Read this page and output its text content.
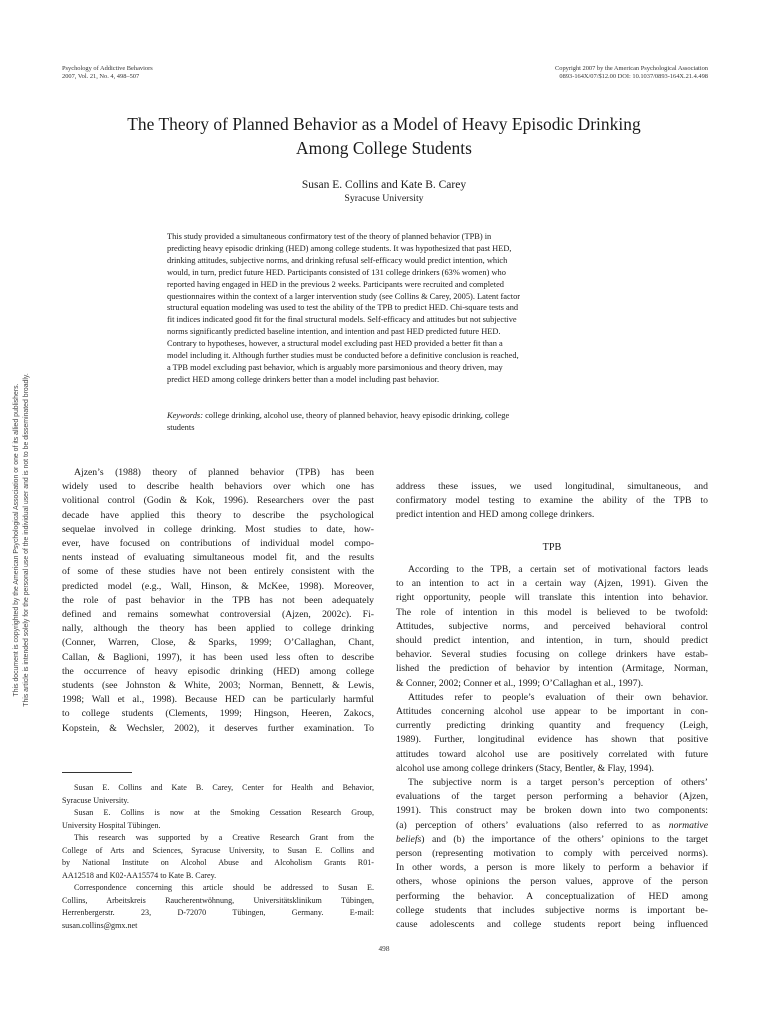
Psychology of Addictive Behaviors
2007, Vol. 21, No. 4, 498–507
Copyright 2007 by the American Psychological Association
0893-164X/07/$12.00 DOI: 10.1037/0893-164X.21.4.498
The Theory of Planned Behavior as a Model of Heavy Episodic Drinking
Among College Students
Susan E. Collins and Kate B. Carey
Syracuse University
This study provided a simultaneous confirmatory test of the theory of planned behavior (TPB) in
predicting heavy episodic drinking (HED) among college students. It was hypothesized that past HED,
drinking attitudes, subjective norms, and drinking refusal self-efficacy would predict intention, which
would, in turn, predict future HED. Participants consisted of 131 college drinkers (63% women) who
reported having engaged in HED in the previous 2 weeks. Participants were recruited and completed
questionnaires within the context of a larger intervention study (see Collins & Carey, 2005). Latent factor
structural equation modeling was used to test the ability of the TPB to predict HED. Chi-square tests and
fit indices indicated good fit for the final structural models. Self-efficacy and attitudes but not subjective
norms significantly predicted baseline intention, and intention and past HED predicted future HED.
Contrary to hypotheses, however, a structural model excluding past HED provided a better fit than a
model including it. Although further studies must be conducted before a definitive conclusion is reached,
a TPB model excluding past behavior, which is arguably more parsimonious and theory driven, may
predict HED among college drinkers better than a model including past behavior.
Keywords: college drinking, alcohol use, theory of planned behavior, heavy episodic drinking, college
students
This document is copyrighted by the American Psychological Association or one of its allied publishers. This article is intended solely for the personal use of the individual user and is not to be disseminated broadly.	Ajzen’s (1988) theory of planned behavior (TPB) has been
widely used to describe health behaviors over which one has
volitional control (Godin & Kok, 1996). Researchers over the past
decade have applied this theory to describe the psychological
sequelae involved in college drinking. Most studies to date, how-
ever, have focused on contributions of individual model compo-
nents instead of evaluating simultaneous model fit, and the results
of some of these studies have not been entirely consistent with the
predicted model (e.g., Wall, Hinson, & McKee, 1998). Moreover,
the role of past behavior in the TPB has not been adequately
defined and remains somewhat controversial (Ajzen, 2002c). Fi-
nally, although the theory has been applied to college drinking
(Conner, Warren, Close, & Sparks, 1999; O’Callaghan, Chant,
Callan, & Baglioni, 1997), it has been used less often to describe
the occurrence of heavy episodic drinking (HED) among college
students (see Johnston & White, 2003; Norman, Bennett, & Lewis,
1998; Wall et al., 1998). Because HED can be particularly harmful
to college students (Clements, 1999; Hingson, Heeren, Zakocs,
Kopstein, & Wechsler, 2002), it deserves further examination. To
Susan E. Collins and Kate B. Carey, Center for Health and Behavior,
Syracuse University.
Susan E. Collins is now at the Smoking Cessation Research Group,
University Hospital Tübingen.
This research was supported by a Creative Research Grant from the
College of Arts and Sciences, Syracuse University, to Susan E. Collins and
by National Institute on Alcohol Abuse and Alcoholism Grants R01-
AA12518 and K02-AA15574 to Kate B. Carey.
Correspondence concerning this article should be addressed to Susan E.
Collins, Arbeitskreis Raucherentwöhnung, Universitätsklinikum Tübingen,
Herrenbergerstr. 23, D-72070 Tübingen, Germany. E-mail:
susan.collins@gmx.net
address these issues, we used longitudinal, simultaneous, and
confirmatory model testing to examine the ability of the TPB to
predict intention and HED among college drinkers.
TPB
According to the TPB, a certain set of motivational factors leads
to an intention to act in a certain way (Ajzen, 1991). Given the
right opportunity, people will translate this intention into behavior.
The role of intention in this model is believed to be twofold:
Attitudes, subjective norms, and perceived behavioral control
should predict intention, and intention, in turn, should predict
behavior. Several studies focusing on college drinkers have estab-
lished the prediction of behavior by intention (Armitage, Norman,
& Conner, 2002; Conner et al., 1999; O’Callaghan et al., 1997).
Attitudes refer to people’s evaluation of their own behavior.
Attitudes concerning alcohol use appear to be important in con-
currently predicting drinking quantity and frequency (Leigh,
1989). Further, longitudinal evidence has shown that positive
attitudes toward alcohol use are positively correlated with future
alcohol use among college drinkers (Stacy, Bentler, & Flay, 1994).
The subjective norm is a target person’s perception of others’
evaluations of the target person performing a behavior (Ajzen,
1991). This construct may be broken down into two components:
(a) perception of others’ evaluations (also referred to as normative
beliefs) and (b) the importance of the others’ opinions to the target
person (representing motivation to comply with perceived norms).
In other words, a person is more likely to perform a behavior if
others, whose opinions the person values, approve of the person
performing the behavior. A conceptualization of HED among
college students that includes subjective norms is important be-
cause adolescents and college students report being influenced
498
